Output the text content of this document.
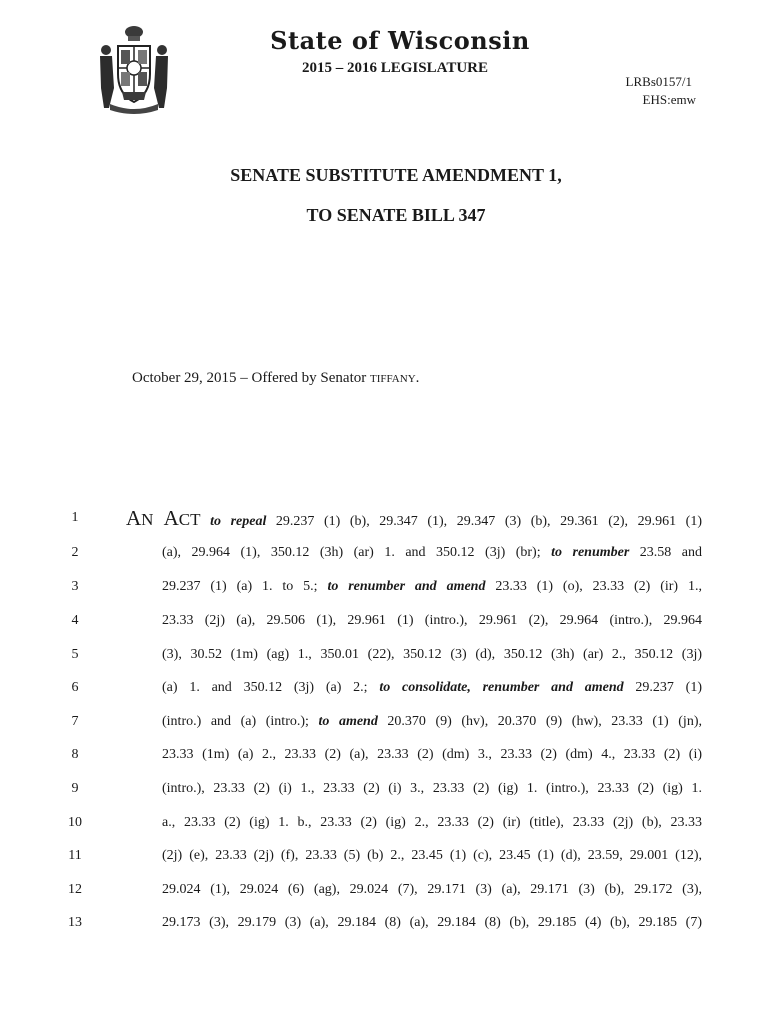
State of Wisconsin
2015 – 2016 LEGISLATURE
LRBs0157/1
EHS:emw
SENATE SUBSTITUTE AMENDMENT 1,
TO SENATE BILL 347
October 29, 2015 – Offered by Senator TIFFANY.
1	AN ACT to repeal 29.237 (1) (b), 29.347 (1), 29.347 (3) (b), 29.361 (2), 29.961 (1)
2	(a), 29.964 (1), 350.12 (3h) (ar) 1. and 350.12 (3j) (br); to renumber 23.58 and
3	29.237 (1) (a) 1. to 5.; to renumber and amend 23.33 (1) (o), 23.33 (2) (ir) 1.,
4	23.33 (2j) (a), 29.506 (1), 29.961 (1) (intro.), 29.961 (2), 29.964 (intro.), 29.964
5	(3), 30.52 (1m) (ag) 1., 350.01 (22), 350.12 (3) (d), 350.12 (3h) (ar) 2., 350.12 (3j)
6	(a) 1. and 350.12 (3j) (a) 2.; to consolidate, renumber and amend 29.237 (1)
7	(intro.) and (a) (intro.); to amend 20.370 (9) (hv), 20.370 (9) (hw), 23.33 (1) (jn),
8	23.33 (1m) (a) 2., 23.33 (2) (a), 23.33 (2) (dm) 3., 23.33 (2) (dm) 4., 23.33 (2) (i)
9	(intro.), 23.33 (2) (i) 1., 23.33 (2) (i) 3., 23.33 (2) (ig) 1. (intro.), 23.33 (2) (ig) 1.
10	a., 23.33 (2) (ig) 1. b., 23.33 (2) (ig) 2., 23.33 (2) (ir) (title), 23.33 (2j) (b), 23.33
11	(2j) (e), 23.33 (2j) (f), 23.33 (5) (b) 2., 23.45 (1) (c), 23.45 (1) (d), 23.59, 29.001 (12),
12	29.024 (1), 29.024 (6) (ag), 29.024 (7), 29.171 (3) (a), 29.171 (3) (b), 29.172 (3),
13	29.173 (3), 29.179 (3) (a), 29.184 (8) (a), 29.184 (8) (b), 29.185 (4) (b), 29.185 (7)
